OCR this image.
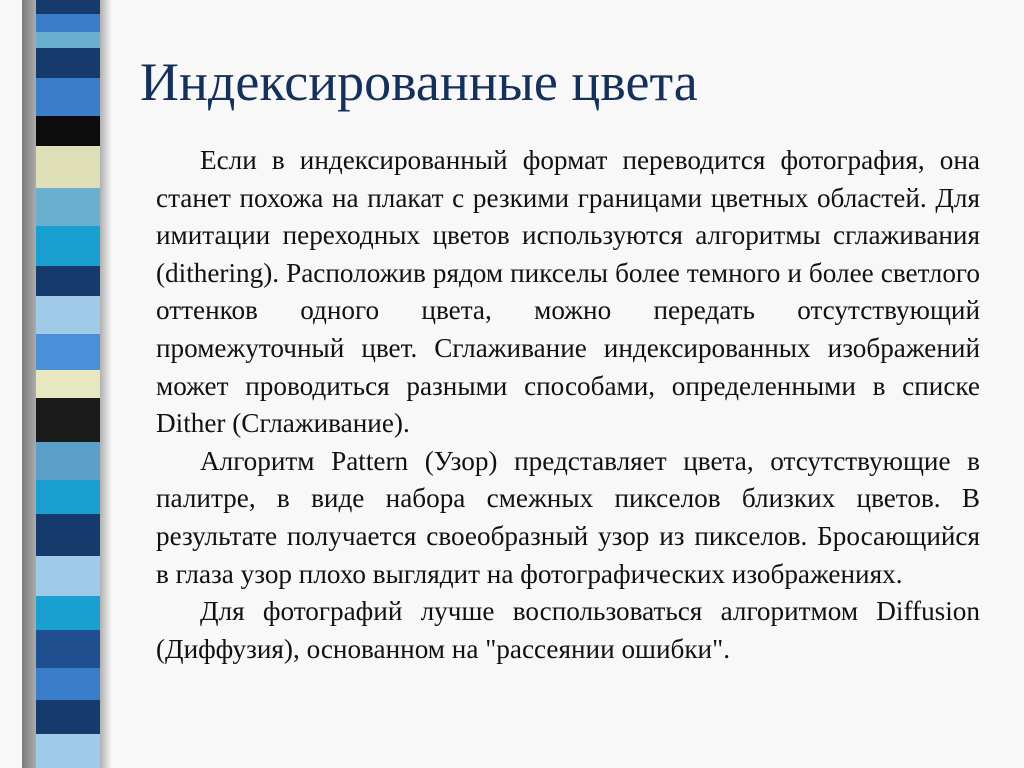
Индексированные цвета

Если в индексированный формат переводится фотография, она станет похожа на плакат с резкими границами цветных областей. Для имитации переходных цветов используются алгоритмы сглаживания (dithering). Расположив рядом пикселы более темного и более светлого оттенков одного цвета, можно передать отсутствующий промежуточный цвет. Сглаживание индексированных изображений может проводиться разными способами, определенными в списке Dither (Сглаживание).

Алгоритм Pattern (Узор) представляет цвета, отсутствующие в палитре, в виде набора смежных пикселов близких цветов. В результате получается своеобразный узор из пикселов. Бросающийся в глаза узор плохо выглядит на фотографических изображениях.

Для фотографий лучше воспользоваться алгоритмом Diffusion (Диффузия), основанном на "рассеянии ошибки".
